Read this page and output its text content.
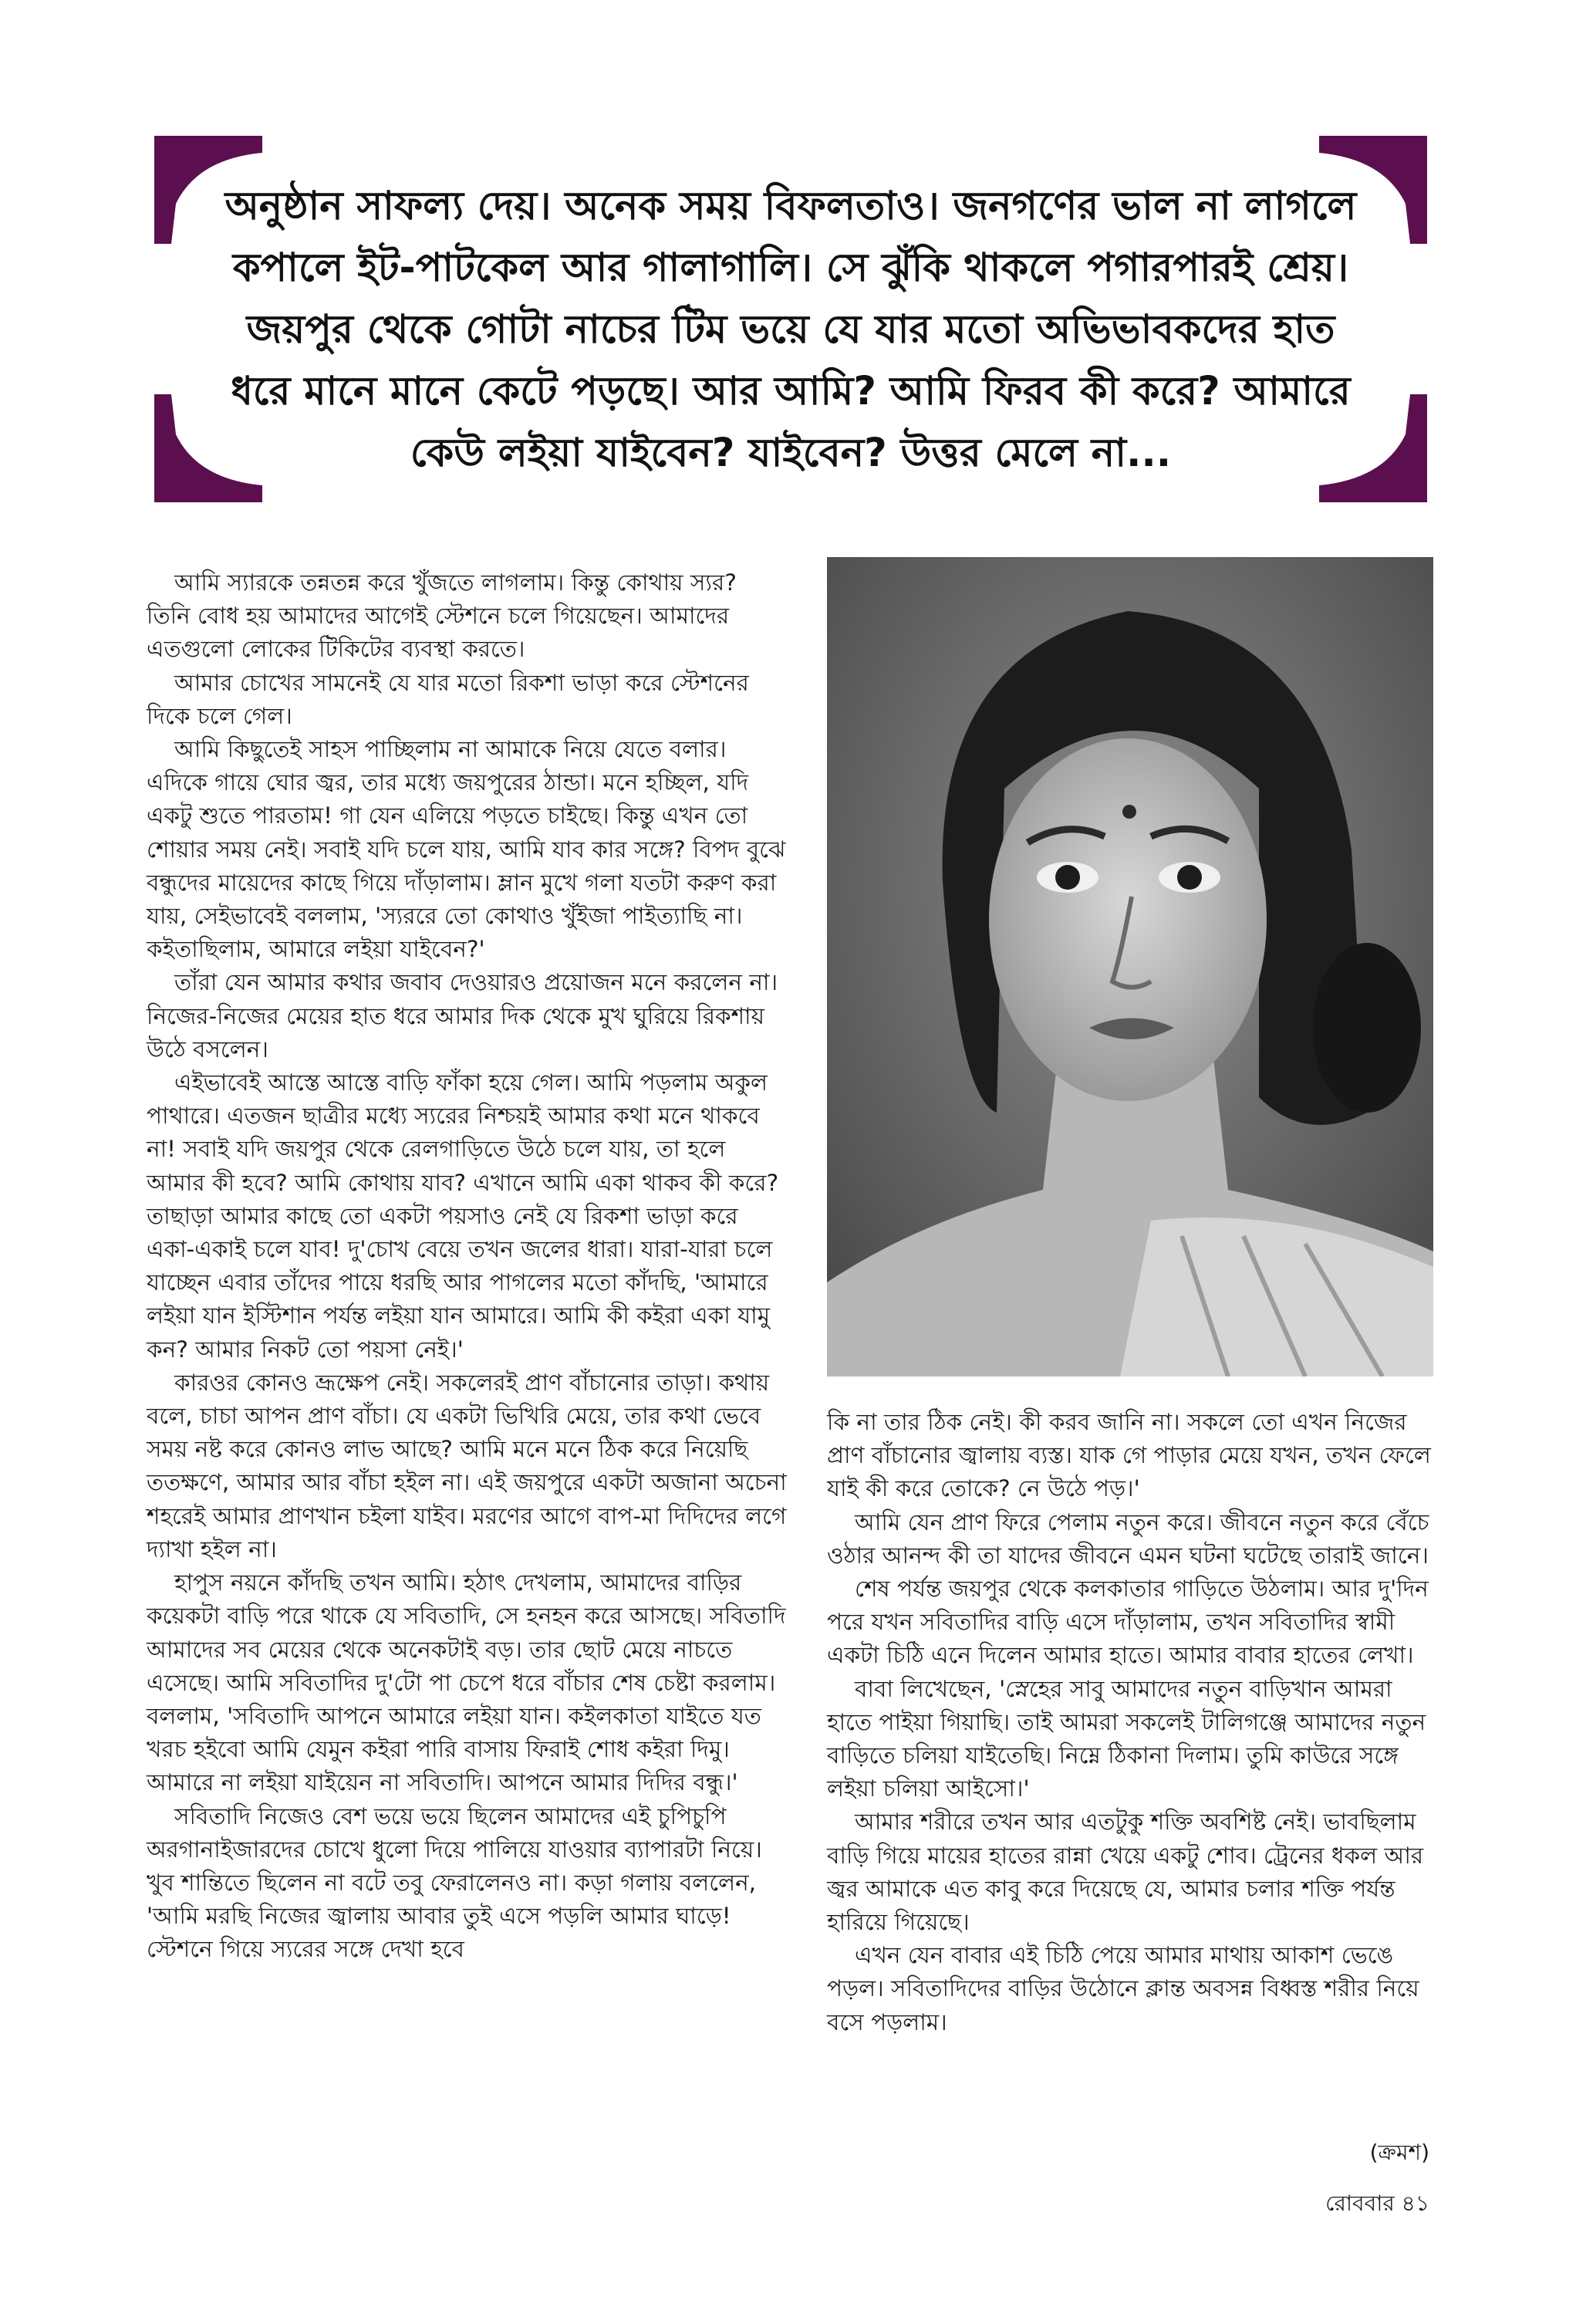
অনুষ্ঠান সাফল্য দেয়। অনেক সময় বিফলতাও। জনগণের ভাল না লাগলে
কপালে ইট-পাটকেল আর গালাগালি। সে ঝুঁকি থাকলে পগারপারই শ্রেয়।
জয়পুর থেকে গোটা নাচের টিম ভয়ে যে যার মতো অভিভাবকদের হাত
ধরে মানে মানে কেটে পড়ছে। আর আমি? আমি ফিরব কী করে? আমারে
কেউ লইয়া যাইবেন? যাইবেন? উত্তর মেলে না...

আমি স্যারকে তন্নতন্ন করে খুঁজতে লাগলাম। কিন্তু কোথায় স্যর? তিনি বোধ হয় আমাদের আগেই স্টেশনে চলে গিয়েছেন। আমাদের এতগুলো লোকের টিকিটের ব্যবস্থা করতে।

আমার চোখের সামনেই যে যার মতো রিকশা ভাড়া করে স্টেশনের দিকে চলে গেল।

আমি কিছুতেই সাহস পাচ্ছিলাম না আমাকে নিয়ে যেতে বলার। এদিকে গায়ে ঘোর জ্বর, তার মধ্যে জয়পুরের ঠান্ডা। মনে হচ্ছিল, যদি একটু শুতে পারতাম! গা যেন এলিয়ে পড়তে চাইছে। কিন্তু এখন তো শোয়ার সময় নেই। সবাই যদি চলে যায়, আমি যাব কার সঙ্গে? বিপদ বুঝে বন্ধুদের মায়েদের কাছে গিয়ে দাঁড়ালাম। ম্লান মুখে গলা যতটা করুণ করা যায়, সেইভাবেই বললাম, 'স্যররে তো কোথাও খুঁইজা পাইত্যাছি না। কইতাছিলাম, আমারে লইয়া যাইবেন?'

তাঁরা যেন আমার কথার জবাব দেওয়ারও প্রয়োজন মনে করলেন না। নিজের-নিজের মেয়ের হাত ধরে আমার দিক থেকে মুখ ঘুরিয়ে রিকশায় উঠে বসলেন।

এইভাবেই আস্তে আস্তে বাড়ি ফাঁকা হয়ে গেল। আমি পড়লাম অকুল পাথারে। এতজন ছাত্রীর মধ্যে স্যরের নিশ্চয়ই আমার কথা মনে থাকবে না! সবাই যদি জয়পুর থেকে রেলগাড়িতে উঠে চলে যায়, তা হলে আমার কী হবে? আমি কোথায় যাব? এখানে আমি একা থাকব কী করে? তাছাড়া আমার কাছে তো একটা পয়সাও নেই যে রিকশা ভাড়া করে একা-একাই চলে যাব! দু'চোখ বেয়ে তখন জলের ধারা। যারা-যারা চলে যাচ্ছেন এবার তাঁদের পায়ে ধরছি আর পাগলের মতো কাঁদছি, 'আমারে লইয়া যান ইস্টিশান পর্যন্ত লইয়া যান আমারে। আমি কী কইরা একা যামু কন? আমার নিকট তো পয়সা নেই।'

কারওর কোনও ভ্রূক্ষেপ নেই। সকলেরই প্রাণ বাঁচানোর তাড়া। কথায় বলে, চাচা আপন প্রাণ বাঁচা। যে একটা ভিখিরি মেয়ে, তার কথা ভেবে সময় নষ্ট করে কোনও লাভ আছে? আমি মনে মনে ঠিক করে নিয়েছি ততক্ষণে, আমার আর বাঁচা হইল না। এই জয়পুরে একটা অজানা অচেনা শহরেই আমার প্রাণখান চইলা যাইব। মরণের আগে বাপ-মা দিদিদের লগে দ্যাখা হইল না।

হাপুস নয়নে কাঁদছি তখন আমি। হঠাৎ দেখলাম, আমাদের বাড়ির কয়েকটা বাড়ি পরে থাকে যে সবিতাদি, সে হনহন করে আসছে। সবিতাদি আমাদের সব মেয়ের থেকে অনেকটাই বড়। তার ছোট মেয়ে নাচতে এসেছে। আমি সবিতাদির দু'টো পা চেপে ধরে বাঁচার শেষ চেষ্টা করলাম। বললাম, 'সবিতাদি আপনে আমারে লইয়া যান। কইলকাতা যাইতে যত খরচ হইবো আমি যেমুন কইরা পারি বাসায় ফিরাই শোধ কইরা দিমু। আমারে না লইয়া যাইয়েন না সবিতাদি। আপনে আমার দিদির বন্ধু।'

সবিতাদি নিজেও বেশ ভয়ে ভয়ে ছিলেন আমাদের এই চুপিচুপি অরগানাইজারদের চোখে ধুলো দিয়ে পালিয়ে যাওয়ার ব্যাপারটা নিয়ে। খুব শান্তিতে ছিলেন না বটে তবু ফেরালেনও না। কড়া গলায় বললেন, 'আমি মরছি নিজের জ্বালায় আবার তুই এসে পড়লি আমার ঘাড়ে! স্টেশনে গিয়ে স্যরের সঙ্গে দেখা হবে

কি না তার ঠিক নেই। কী করব জানি না। সকলে তো এখন নিজের প্রাণ বাঁচানোর জ্বালায় ব্যস্ত। যাক গে পাড়ার মেয়ে যখন, তখন ফেলে যাই কী করে তোকে? নে উঠে পড়।'

আমি যেন প্রাণ ফিরে পেলাম নতুন করে। জীবনে নতুন করে বেঁচে ওঠার আনন্দ কী তা যাদের জীবনে এমন ঘটনা ঘটেছে তারাই জানে।

শেষ পর্যন্ত জয়পুর থেকে কলকাতার গাড়িতে উঠলাম। আর দু'দিন পরে যখন সবিতাদির বাড়ি এসে দাঁড়ালাম, তখন সবিতাদির স্বামী একটা চিঠি এনে দিলেন আমার হাতে। আমার বাবার হাতের লেখা।

বাবা লিখেছেন, 'স্নেহের সাবু আমাদের নতুন বাড়িখান আমরা হাতে পাইয়া গিয়াছি। তাই আমরা সকলেই টালিগঞ্জে আমাদের নতুন বাড়িতে চলিয়া যাইতেছি। নিম্নে ঠিকানা দিলাম। তুমি কাউরে সঙ্গে লইয়া চলিয়া আইসো।'

আমার শরীরে তখন আর এতটুকু শক্তি অবশিষ্ট নেই। ভাবছিলাম বাড়ি গিয়ে মায়ের হাতের রান্না খেয়ে একটু শোব। ট্রেনের ধকল আর জ্বর আমাকে এত কাবু করে দিয়েছে যে, আমার চলার শক্তি পর্যন্ত হারিয়ে গিয়েছে।

এখন যেন বাবার এই চিঠি পেয়ে আমার মাথায় আকাশ ভেঙে পড়ল। সবিতাদিদের বাড়ির উঠোনে ক্লান্ত অবসন্ন বিধ্বস্ত শরীর নিয়ে বসে পড়লাম।

(ক্রমশ)
রোববার ৪১
